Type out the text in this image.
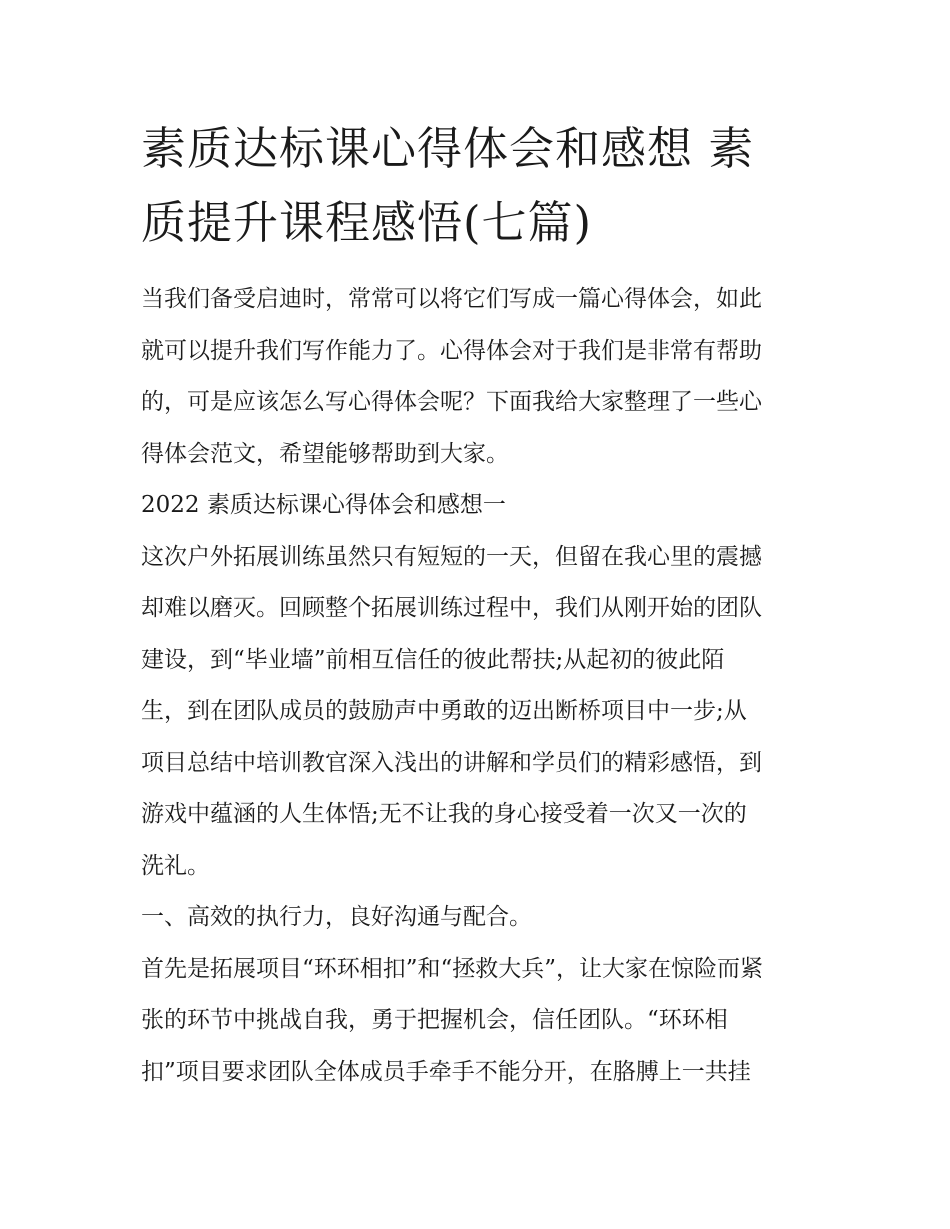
素质达标课心得体会和感想 素
质提升课程感悟(七篇)

当我们备受启迪时，常常可以将它们写成一篇心得体会，如此
就可以提升我们写作能力了。心得体会对于我们是非常有帮助
的，可是应该怎么写心得体会呢？下面我给大家整理了一些心
得体会范文，希望能够帮助到大家。

2022 素质达标课心得体会和感想一

这次户外拓展训练虽然只有短短的一天，但留在我心里的震撼
却难以磨灭。回顾整个拓展训练过程中，我们从刚开始的团队
建设，到“毕业墙”前相互信任的彼此帮扶;从起初的彼此陌
生，到在团队成员的鼓励声中勇敢的迈出断桥项目中一步;从
项目总结中培训教官深入浅出的讲解和学员们的精彩感悟，到
游戏中蕴涵的人生体悟;无不让我的身心接受着一次又一次的
洗礼。

一、高效的执行力，良好沟通与配合。

首先是拓展项目“环环相扣”和“拯救大兵”，让大家在惊险而紧
张的环节中挑战自我，勇于把握机会，信任团队。“环环相
扣”项目要求团队全体成员手牵手不能分开，在胳膊上一共挂
